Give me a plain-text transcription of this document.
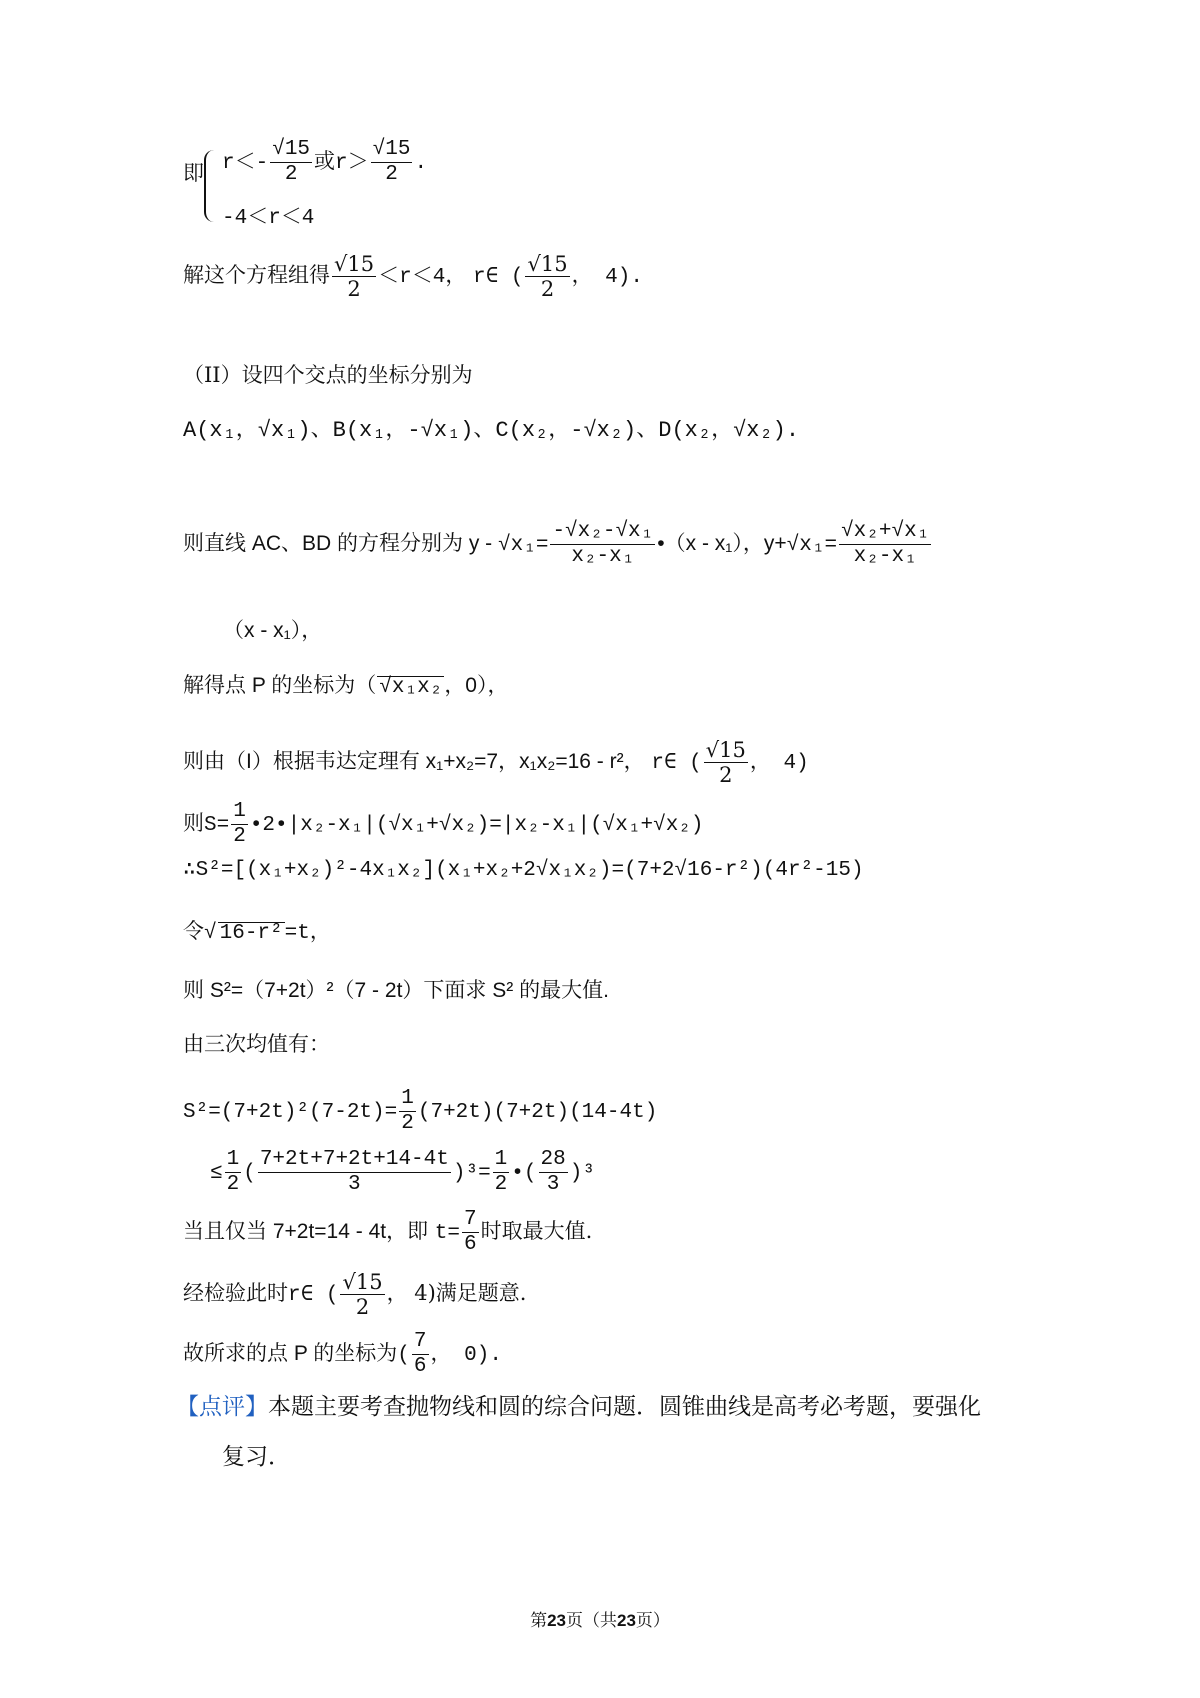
即 $r<- \frac{√15}{2}$ 或$r> \frac{√15}{2}$ .
-4＜r＜4
解这个方程组得 $\frac{√15}{2} <r<4$， r∈ ( $\frac{√15}{2}$ ， 4).
（II）设四个交点的坐标分别为
A(x₁，√x₁)、B(x₁，-√x₁)、C(x₂，-√x₂)、D(x₂，√x₂).
则直线 AC、BD 的方程分别为 $y - √x_1= \frac{\text{-√x₂-√x₁}}{\text{x₂-x₁}}$ •（x - x₁），$y+√x_1= \frac{\text{√x₂+√x₁}}{\text{x₂-x₁}}$
（x - x₁），
解得点 P 的坐标为（ √x₁x₂，0），
则由（I）根据韦达定理有 x₁+x₂=7，x₁x₂=16 - r²， r∈ ( $\frac{√15}{2}$ ， 4)
则$S= \frac{1}{2}$ •2•|x₂-x₁|(√x₁+√x₂)=|x₂-x₁|(√x₁+√x₂)
∴S²=[(x₁+x₂)²-4x₁x₂](x₁+x₂+2√x₁x₂)=(7+2√16-r²)(4r²-15)
令√ 16-r²=t，
则 S²=（7+2t）²（7 - 2t）下面求 S² 的最大值.
由三次均值有：
$S^2=(7+2t)^2(7-2t)= \frac{1}{2} (7+2t)(7+2t)(14-4t)$
≤ $\frac{1}{2}$ ( $\frac{7+2t+7+2t+14-4t}{3} )^3= \frac{1}{2}$ •( $\frac{28}{3} )^3$
当且仅当 7+2t=14 - 4t，即 $t= \frac{7}{6}$ 时取最大值.
经检验此时r∈ ( $\frac{√15}{2}$ ， 4)满足题意.
故所求的点 P 的坐标为( $\frac{7}{6}$ ， 0).
【点评】本题主要考查抛物线和圆的综合问题．圆锥曲线是高考必考题，要强化
复习．
第23页（共23页）
